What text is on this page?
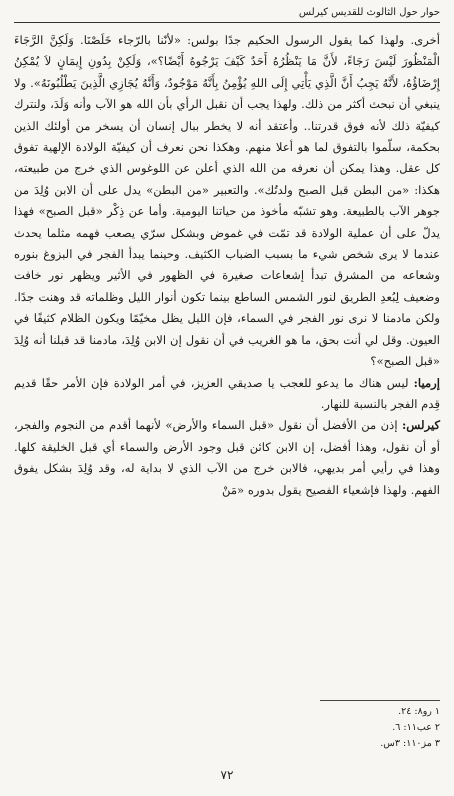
حوار حول الثالوث للقديس كيرلس

أخرى. ولهذا كما يقول الرسول الحكيم جدًا بولس: «لأنّنا بالرّجاء خَلَصْنَا. وَلَكِنَّ الرَّجَاءَ الْمَنْظُورَ لَيْسَ رَجَاءً، لأَنَّ مَا يَنْظُرُهُ أَحَدٌ كَيْفَ يَرْجُوهُ أَيْضًا؟»، وَلَكِنْ بِدُونِ إِيمَانٍ لاَ يُمْكِنُ إِرْضَاؤُهُ، لأَنَّهُ يَجِبُ أَنَّ الَّذِي يَأْتِي إِلَى اللهِ يُؤْمِنُ بِأَنَّهُ مَوْجُودٌ، وَأَنَّهُ يُجَازِي الَّذِينَ يَطْلُبُونَهُ». ولا ينبغي أن نبحث أكثر من ذلك. ولهذا يجب أن نقبل الرأي بأن الله هو الآب وأنه وَلَدَ، ولنترك كيفيّة ذلك لأنه فوق قدرتنا.. وأعتقد أنه لا يخطر ببال إنسان أن يسخر من أولئك الذين بحكمة، سلّموا بالتفوق لما هو أعلا منهم. وهكذا نحن نعرف أن كيفيّة الولادة الإلهية تفوق كل عقل. وهذا يمكن أن نعرفه من الله الذي أعلن عن اللوغوس الذي خرج من طبيعته، هكذا: «من البطن قبل الصبح ولدتُك». والتعبير «من البطن» يدل على أن الابن وُلِدَ من جوهر الآب بالطبيعة. وهو تشبّه مأخوذ من حياتنا اليومية. وأما عن ذِكْر «قبل الصبح» فهذا يدلّ على أن عملية الولادة قد تمّت في غموض وبشكل سرّي يصعب فهمه مثلما يحدث عندما لا يرى شخص شيء ما بسبب الضباب الكثيف. وحينما يبدأ الفجر في البزوغ بنوره وشعاعه من المشرق تبدأ إشعاعات صغيرة في الظهور في الأثير ويظهر نور خافت وضعيف لِبُعدِ الطريق لنور الشمس الساطع بينما تكون أنوار الليل وظلماته قد وهنت جدًا. ولكن مادمنا لا نرى نور الفجر في السماء، فإن الليل يظل مخيّمًا ويكون الظلام كثيفًا في العيون. وقل لي أنت بحق، ما هو الغريب في أن نقول إن الابن وُلِدَ، مادمنا قد قبلنا أنه وُلِدَ «قبل الصبح»؟

إرميا: ليس هناك ما يدعو للعجب يا صديقي العزيز، في أمر الولادة فإن الأمر حقًا قديم قِدم الفجر بالنسبة للنهار.

كيرلس: إذن من الأفضل أن نقول «قبل السماء والأرض» لأنهما أقدم من النجوم والفجر، أو أن نقول، وهذا أفضل، إن الابن كائن قبل وجود الأرض والسماء أي قبل الخليقة كلها. وهذا في رأيي أمر بديهي، فالابن خرج من الآب الذي لا بداية له، وقد وُلِدَ بشكل يفوق الفهم. ولهذا فإشعياء الفصيح يقول بدوره «مَنْ

١ رو٨: ٢٤.
٢ عب١١: ٦.
٣ مز١١٠: ٣س.
٧٢
